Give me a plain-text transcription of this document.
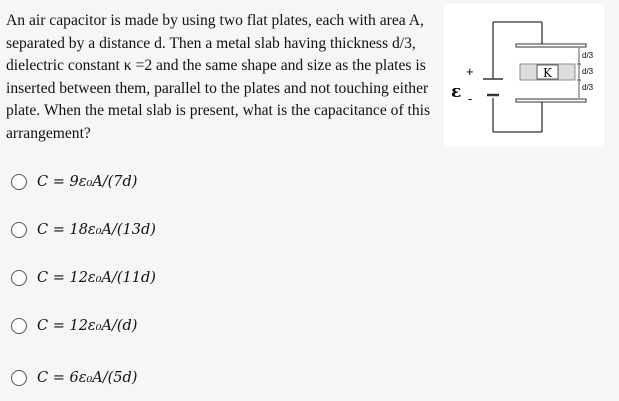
An air capacitor is made by using two flat plates, each with area A, separated by a distance d. Then a metal slab having thickness d/3, dielectric constant κ =2 and the same shape and size as the plates is inserted between them, parallel to the plates and not touching either plate. When the metal slab is present, what is the capacitance of this arrangement?
+
-
ε
K
d/3
d/3
d/3
C = 9ε₀A/(7d)
C = 18ε₀A/(13d)
C = 12ε₀A/(11d)
C = 12ε₀A/(d)
C = 6ε₀A/(5d)
